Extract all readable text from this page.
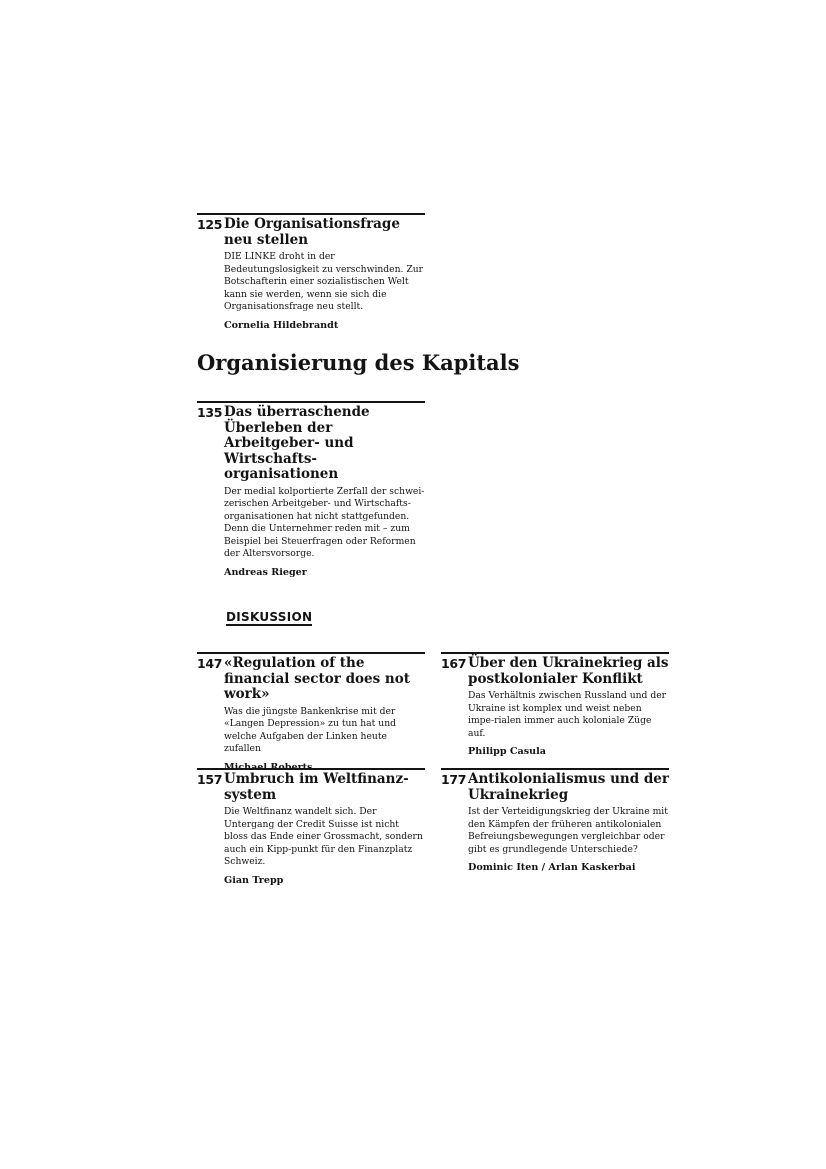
125 Die Organisationsfrage neu stellen

DIE LINKE droht in der Bedeutungslosigkeit zu verschwinden. Zur Botschafterin einer sozialistischen Welt kann sie werden, wenn sie sich die Organisationsfrage neu stellt.

Cornelia Hildebrandt
Organisierung des Kapitals
135 Das überraschende Überleben der Arbeitgeber- und Wirtschafts-organisationen

Der medial kolportierte Zerfall der schwei-zerischen Arbeitgeber- und Wirtschafts-organisationen hat nicht stattgefunden. Denn die Unternehmer reden mit – zum Beispiel bei Steuerfragen oder Reformen der Altersvorsorge.

Andreas Rieger
DISKUSSION
147 «Regulation of the financial sector does not work»

Was die jüngste Bankenkrise mit der «Langen Depression» zu tun hat und welche Aufgaben der Linken heute zufallen

Michael Roberts
167 Über den Ukrainekrieg als postkolonialer Konflikt

Das Verhältnis zwischen Russland und der Ukraine ist komplex und weist neben impe-rialen immer auch koloniale Züge auf.

Philipp Casula
157 Umbruch im Weltfinanz-system

Die Weltfinanz wandelt sich. Der Untergang der Credit Suisse ist nicht bloss das Ende einer Grossmacht, sondern auch ein Kipp-punkt für den Finanzplatz Schweiz.

Gian Trepp
177 Antikolonialismus und der Ukrainekrieg

Ist der Verteidigungskrieg der Ukraine mit den Kämpfen der früheren antikolonialen Befreiungsbewegungen vergleichbar oder gibt es grundlegende Unterschiede?

Dominic Iten / Arlan Kaskerbai
